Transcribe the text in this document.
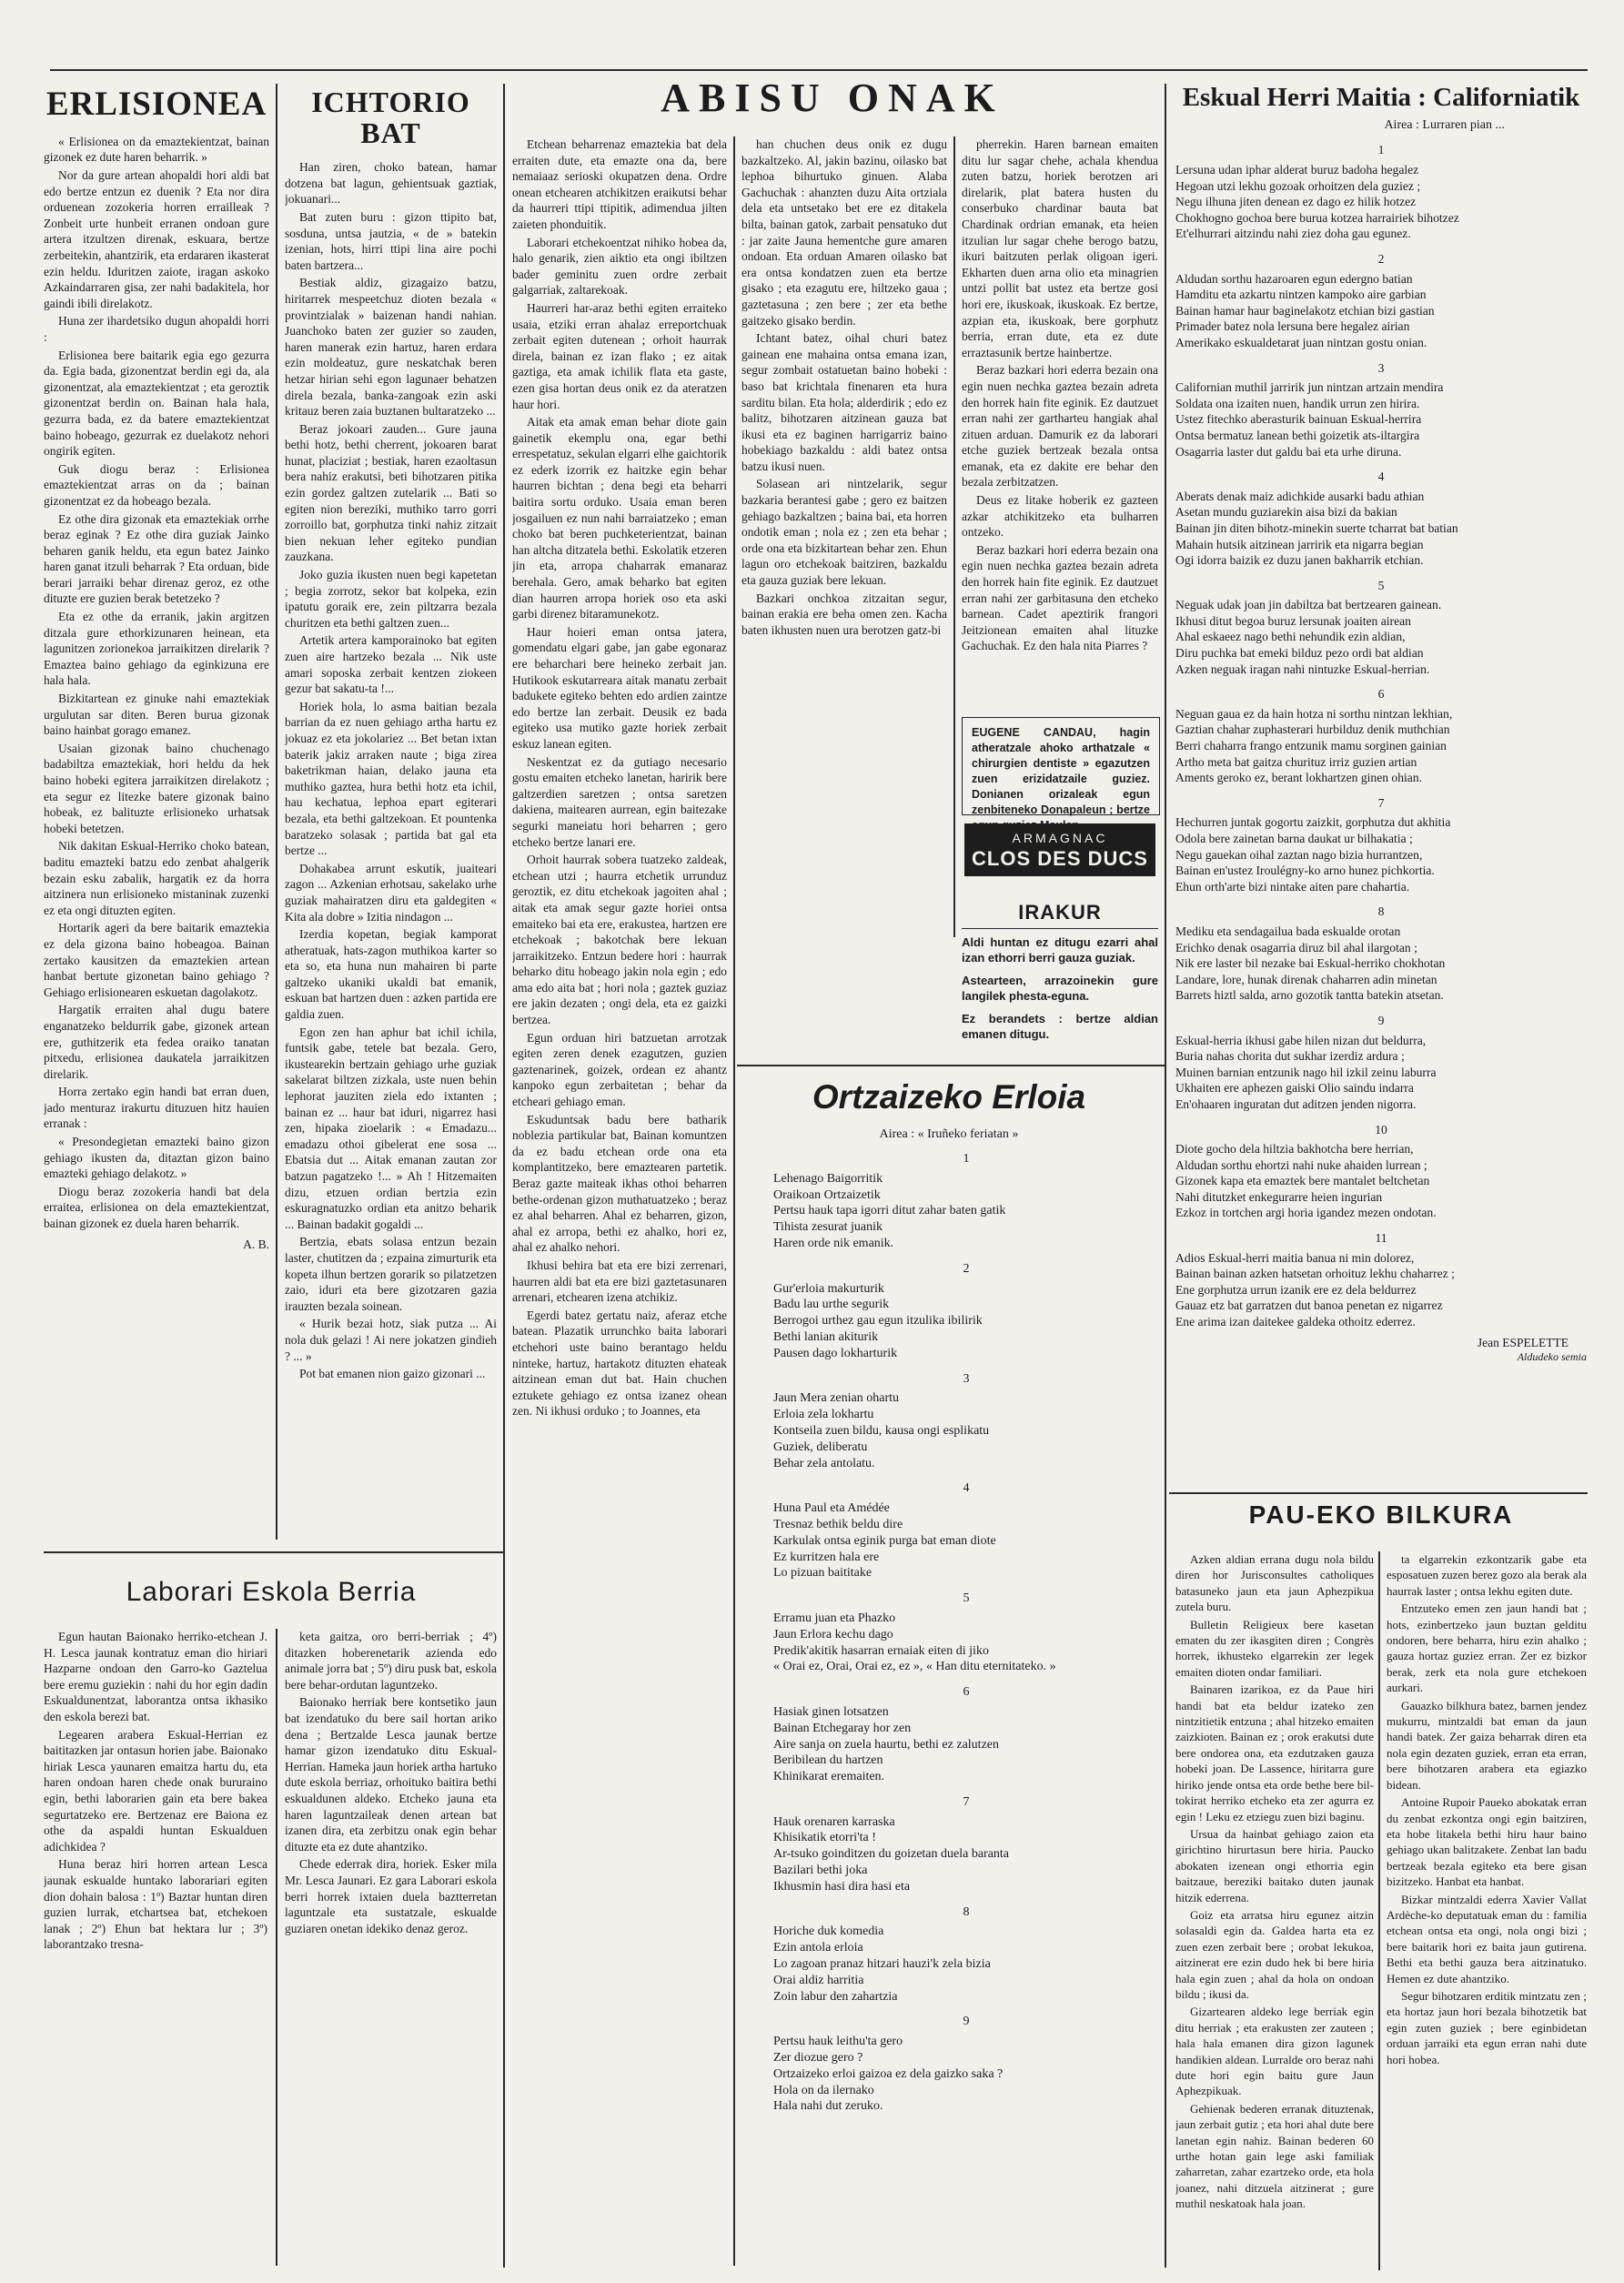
ERLISIONEA

« Erlisionea on da emaztekientzat, bainan gizonek ez dute haren beharrik. »

Nor da gure artean ahopaldi hori aldi bat edo bertze entzun ez duenik ? Eta nor dira orduenean zozokeria horren errailleak ? Zonbeit urte hunbeit erranen ondoan gure artera itzultzen direnak, eskuara, bertze zerbeitekin, ahantzirik, eta erdararen ikasterat ezin heldu. Iduritzen zaiote, iragan askoko Azkaindarraren gisa, zer nahi badakitela, hor gaindi ibili direlakotz.

Huna zer ihardetsiko dugun ahopaldi horri :

Erlisionea bere baitarik egia ego gezurra da. Egia bada, gizonentzat berdin egi da, ala gizonentzat, ala emaztekientzat ; eta geroztik gizonentzat berdin on. Bainan hala hala, gezurra bada, ez da batere emaztekientzat baino hobeago, gezurrak ez duelakotz nehori ongirik egiten.

Guk diogu beraz : Erlisionea emaztekientzat arras on da ; bainan gizonentzat ez da hobeago bezala.

Ez othe dira gizonak eta emaztekiak orrhe beraz eginak ? Ez othe dira guziak Jainko beharen ganik heldu, eta egun batez Jainko haren ganat itzuli beharrak ? Eta orduan, bide berari jarraiki behar direnaz geroz, ez othe dituzte ere guzien berak betetzeko ?

Eta ez othe da erranik, jakin argitzen ditzala gure ethorkizunaren heinean, eta lagunitzen zorionekoa jarraikitzen direlarik ? Emaztea baino gehiago da eginkizuna ere hala hala.

Bizkitartean ez ginuke nahi emaztekiak urgulutan sar diten. Beren burua gizonak baino hainbat gorago emanez.

Usaian gizonak baino chuchenago badabiltza emaztekiak, hori heldu da hek baino hobeki egitera jarraikitzen direlakotz ; eta segur ez litezke batere gizonak baino hobeak, ez balituzte erlisioneko urhatsak hobeki betetzen.

Nik dakitan Eskual-Herriko choko batean, baditu emazteki batzu edo zenbat ahalgerik bezain esku zabalik, hargatik ez da horra aitzinera nun erlisioneko mistaninak zuzenki ez eta ongi dituzten egiten.

Hortarik ageri da bere baitarik emaztekia ez dela gizona baino hobeagoa. Bainan zertako kausitzen da emaztekien artean hanbat bertute gizonetan baino gehiago ? Gehiago erlisionearen eskuetan dagolakotz.

Hargatik erraiten ahal dugu batere enganatzeko beldurrik gabe, gizonek artean ere, guthitzerik eta fedea oraiko tanatan pitxedu, erlisionea daukatela jarraikitzen direlarik.

Horra zertako egin handi bat erran duen, jado menturaz irakurtu dituzuen hitz hauien erranak :

« Presondegietan emazteki baino gizon gehiago ikusten da, ditaztan gizon baino emazteki gehiago delakotz. »

Diogu beraz zozokeria handi bat dela erraitea, erlisionea on dela emaztekientzat, bainan gizonek ez duela haren beharrik.

A. B.
ICHTORIO BAT

Han ziren, choko batean, hamar dotzena bat lagun, gehientsuak gaztiak, jokuanari...

Bat zuten buru : gizon ttipito bat, sosduna, untsa jautzia, « de » batekin izenian, hots, hirri ttipi lina aire pochi baten bartzera...

Bestiak aldiz, gizagaizo batzu, hiritarrek mespeetchuz dioten bezala « provintzialak » baizenan handi nahian. Juanchoko baten zer guzier so zauden, haren manerak ezin hartuz, haren erdara ezin moldeatuz, gure neskatchak beren hetzar hirian sehi egon lagunaer behatzen direla bezala, banka-zangoak ezin aski kritauz beren zaia buztanen bultaratzeko ...

Beraz jokoari zauden... Gure jauna bethi hotz, bethi cherrent, jokoaren barat hunat, placiziat ; bestiak, haren ezaoltasun bera nahiz erakutsi, beti bihotzaren pitika ezin gordez galtzen zutelarik ... Bati so egiten nion bereziki, muthiko tarro gorri zorroillo bat, gorphutza tinki nahiz zitzait bien nekuan leher egiteko pundian zauzkana.

Joko guzia ikusten nuen begi kapetetan ; begia zorrotz, sekor bat kolpeka, ezin ipatutu goraik ere, zein piltzarra bezala churitzen eta bethi galtzen zuen...

Artetik artera kamporainoko bat egiten zuen aire hartzeko bezala ... Nik uste amari soposka zerbait kentzen ziokeen gezur bat sakatu-ta !...

Horiek hola, lo asma baitian bezala barrian da ez nuen gehiago artha hartu ez jokuaz ez eta jokolariez ... Bet betan ixtan baterik jakiz arraken naute ; biga zirea baketrikman haian, delako jauna eta muthiko gaztea, hura bethi hotz eta ichil, hau kechatua, lephoa epart egiterari bezala, eta bethi galtzekoan. Et pountenka baratzeko solasak ; partida bat gal eta bertze ...

Dohakabea arrunt eskutik, juaiteari zagon ... Azkenian erhotsau, sakelako urhe guziak mahairatzen diru eta galdegiten « Kita ala dobre » Izitia nindagon ...

Izerdia kopetan, begiak kamporat atheratuak, hats-zagon muthikoa karter so eta so, eta huna nun mahairen bi parte galtzeko ukaniki ukaldi bat emanik, eskuan bat hartzen duen : azken partida ere galdia zuen.

Egon zen han aphur bat ichil ichila, funtsik gabe, tetele bat bezala. Gero, ikustearekin bertzain gehiago urhe guziak sakelarat biltzen zizkala, uste nuen behin lephorat jauziten ziela edo ixtanten ; bainan ez ... haur bat iduri, nigarrez hasi zen, hipaka zioelarik : « Emadazu... emadazu othoi gibelerat ene sosa ... Ebatsia dut ... Aitak emanan zautan zor batzun pagatzeko !... » Ah ! Hitzemaiten dizu, etzuen ordian bertzia ezin eskuragnatuzko ordian eta anitzo beharik ... Bainan badakit gogaldi ...

Bertzia, ebats solasa entzun bezain laster, chutitzen da ; ezpaina zimurturik eta kopeta ilhun bertzen gorarik so pilatzetzen zaio, iduri eta bere gizotzaren gazia irauzten bezala soinean.

« Hurik bezai hotz, siak putza ... Ai nola duk gelazi ! Ai nere jokatzen gindieh ? ... »

Pot bat emanen nion gaizo gizonari ...

ABISU ONAK

Etchean beharrenaz emaztekia bat dela erraiten dute, eta emazte ona da, bere nemaiaaz serioski okupatzen dena. Ordre onean etchearen atchikitzen eraikutsi behar da haurreri ttipi ttipitik, adimendua jilten zaieten phonduitik.

Laborari etchekoentzat nihiko hobea da, halo genarik, zien aiktio eta ongi ibiltzen bader geminitu zuen ordre zerbait galgarriak, zaltarekoak.

Haurreri har-araz bethi egiten erraiteko usaia, etziki erran ahalaz erreportchuak zerbait egiten dutenean ; orhoit haurrak direla, bainan ez izan flako ; ez aitak gaztiga, eta amak ichilik flata eta gaste, ezen gisa hortan deus onik ez da ateratzen haur hori.

Aitak eta amak eman behar diote gain gainetik ekemplu ona, egar bethi errespetatuz, sekulan elgarri elhe gaichtorik ez ederk izorrik ez haitzke egin behar haurren bichtan ; dena begi eta beharri baitira sortu orduko. Usaia eman beren josgailuen ez nun nahi barraiatzeko ; eman choko bat beren puchketerientzat, bainan han altcha ditzatela bethi. Eskolatik etzeren jin eta, arropa chaharrak emanaraz berehala. Gero, amak beharko bat egiten dian haurren arropa horiek oso eta aski garbi direnez bitaramunekotz.

Haur hoieri eman ontsa jatera, gomendatu elgari gabe, jan gabe egonaraz ere beharchari bere heineko zerbait jan. Hutikook eskutarreara aitak manatu zerbait badukete egiteko behten edo ardien zaintze edo bertze lan zerbait. Deusik ez bada egiteko usa mutiko gazte horiek zerbait eskuz lanean egiten.

Neskentzat ez da gutiago necesario gostu emaiten etcheko lanetan, haririk bere galtzerdien saretzen ; ontsa saretzen dakiena, maitearen aurrean, egin baitezake segurki maneiatu hori beharren ; gero etcheko bertze lanari ere.

Orhoit haurrak sobera tuatzeko zaldeak, etchean utzi ; haurra etchetik urrunduz geroztik, ez ditu etchekoak jagoiten ahal ; aitak eta amak segur gazte horiei ontsa emaiteko bai eta ere, erakustea, hartzen ere etchekoak ; bakotchak bere lekuan jarraikitzeko. Entzun bedere hori : haurrak beharko ditu hobeago jakin nola egin ; edo ama edo aita bat ; hori nola ; gaztek guziaz ere jakin dezaten ; ongi dela, eta ez gaizki bertzea.

Egun orduan hiri batzuetan arrotzak egiten zeren denek ezagutzen, guzien gaztenarinek, goizek, ordean ez ahantz kanpoko egun zerbaitetan ; behar da etcheari gehiago eman.

Eskuduntsak badu bere batharik noblezia partikular bat, Bainan komuntzen da ez badu etchean orde ona eta komplantitzeko, bere emaztearen partetik. Beraz gazte maiteak ikhas othoi beharren bethe-ordenan gizon muthatuatzeko ; beraz ez ahal beharren. Ahal ez beharren, gizon, ahal ez arropa, bethi ez ahalko, hori ez, ahal ez ahalko nehori.

Ikhusi behira bat eta ere bizi zerrenari, haurren aldi bat eta ere bizi gaztetasunaren arrenari, etchearen izena atchikiz.

Egerdi batez gertatu naiz, aferaz etche batean. Plazatik urrunchko baita laborari etchehori uste baino berantago heldu ninteke, hartuz, hartakotz dituzten ehateak aitzinean eman dut bat. Hain chuchen eztukete gehiago ez ontsa izanez ohean zen. Ni ikhusi orduko ; to Joannes, eta

han chuchen deus onik ez dugu bazkaltzeko. Al, jakin bazinu, oilasko bat lephoa bihurtuko ginuen. Alaba Gachuchak : ahanzten duzu Aita ortziala dela eta untsetako bet ere ez ditakela bilta, bainan gatok, zarbait pensatuko dut : jar zaite Jauna hementche gure amaren ondoan. Eta orduan Amaren oilasko bat era ontsa kondatzen zuen eta bertze gisako ; eta ezagutu ere, hiltzeko gaua ; gaztetasuna ; zen bere ; zer eta bethe gaitzeko gisako berdin.

Ichtant batez, oihal churi batez gainean ene mahaina ontsa emana izan, segur zombait ostatuetan baino hobeki : baso bat krichtala finenaren eta hura sarditu bilan. Eta hola; alderdirik ; edo ez balitz, bihotzaren aitzinean gauza bat ikusi eta ez baginen harrigarriz baino hobekiago bazkaldu : aldi batez ontsa batzu ikusi nuen.

Solasean ari nintzelarik, segur bazkaria berantesi gabe ; gero ez baitzen gehiago bazkaltzen ; baina bai, eta horren ondotik eman ; nola ez ; zen eta behar ; orde ona eta bizkitartean behar zen. Ehun lagun oro etchekoak baitziren, bazkaldu eta gauza guziak bere lekuan.

Bazkari onchkoa zitzaitan segur, bainan erakia ere beha omen zen. Kacha baten ikhusten nuen ura berotzen gatz-bi

pherrekin. Haren barnean emaiten ditu lur sagar chehe, achala khendua zuten batzu, horiek berotzen ari direlarik, plat batera husten du conserbuko chardinar bauta bat Chardinak ordrian emanak, eta heien itzulian lur sagar chehe berogo batzu, ikuri baitzuten perlak oligoan igeri. Ekharten duen arna olio eta minagrien untzi pollit bat ustez eta bertze gosi hori ere, ikuskoak, ikuskoak. Ez bertze, azpian eta, ikuskoak, bere gorphutz berria, erran dute, eta ez dute erraztasunik bertze hainbertze.

Beraz bazkari hori ederra bezain ona egin nuen nechka gaztea bezain adreta den horrek hain fite eginik. Ez dautzuet erran nahi zer gartharteu hangiak ahal zituen arduan. Damurik ez da laborari etche guziek bertzeak bezala ontsa emanak, eta ez dakite ere behar den bezala zerbitzatzen.

Deus ez litake hoberik ez gazteen azkar atchikitzeko eta bulharren ontzeko.

Beraz bazkari hori ederra bezain ona egin nuen nechka gaztea bezain adreta den horrek hain fite eginik. Ez dautzuet erran nahi zer garbitasuna den etcheko barnean. Cadet apeztirik frangori Jeitzionean emaiten ahal lituzke Gachuchak. Ez den hala nita Piarres ?

EUGENE CANDAU, hagin atheratzale ahoko arthatzale « chirurgien dentiste » egazutzen zuen erizidatzaile guziez. Donianen orizaleak egun zenbiteneko Donapaleun ; bertze
ARMAGNAC
CLOS DES DUCS
IRAKUR

Aldi huntan ez ditugu ezarri ahal izan ethorri berri gauza guziak.

Astearteen, arrazoinekin gure langilek phesta-eguna.

Ez berandets : bertze aldian emanen ditugu.

Ortzaizeko Erloia
Airea : « Iruñeko feriatan »
1
Lehenago Baigorritik
Oraikoan Ortzaizetik
Pertsu hauk tapa igorri ditut zahar baten gatik
Tihista zesurat juanik
Haren orde nik emanik.
2
Gur'erloia makurturik
Badu lau urthe segurik
Berrogoi urthez gau egun itzulika ibilirik
Bethi lanian akiturik
Pausen dago lokharturik
3
Jaun Mera zenian ohartu
Erloia zela lokhartu
Kontseila zuen bildu, kausa ongi esplikatu
Guziek, deliberatu
Behar zela antolatu.
4
Huna Paul eta Amédée
Tresnaz bethik beldu dire
Karkulak ontsa eginik purga bat eman diote
Ez kurritzen hala ere
Lo pizuan baititake
5
Erramu juan eta Phazko
Jaun Erlora kechu dago
Predik'akitik hasarran ernaiak eiten di jiko
« Orai ez, Orai, Orai ez, ez », « Han ditu eternitateko. »
6
Hasiak ginen lotsatzen
Bainan Etchegaray hor zen
Aire sanja on zuela haurtu, bethi ez zalutzen
Beribilean du hartzen
Khinikarat eremaiten.
7
Hauk orenaren karraska
Khisikatik etorri'ta !
Ar-tsuko goinditzen du goizetan duela baranta
Bazilari bethi joka
Ikhusmin hasi dira hasi eta
8
Horiche duk komedia
Ezin antola erloia
Lo zagoan pranaz hitzari hauzi'k zela bizia
Orai aldiz harritia
Zoin labur den zahartzia
9
Pertsu hauk leithu'ta gero
Zer diozue gero ?
Ortzaizeko erloi gaizoa ez dela gaizko saka ?
Hola on da ilernako
Hala nahi dut zeruko.
Eskual Herri Maitia : Californiatik
Airea : Lurraren pian ...
1
Lersuna udan iphar alderat buruz badoha hegalez
Hegoan utzi lekhu gozoak orhoitzen dela guziez ;
Negu ilhuna jiten denean ez dago ez hilik hotzez
Chokhogno gochoa bere burua kotzea harrairiek bihotzez
Et'elhurrari aitzindu nahi ziez doha gau egunez.
2
Aldudan sorthu hazaroaren egun edergno batian
Hamditu eta azkartu nintzen kampoko aire garbian
Bainan hamar haur baginelakotz etchian bizi gastian
Primader batez nola lersuna bere hegalez airian
Amerikako eskualdetarat juan nintzan gostu onian.
3
Californian muthil jarririk jun nintzan artzain mendira
Soldata ona izaiten nuen, handik urrun zen hirira.
Ustez fitechko aberasturik bainuan Eskual-herrira
Ontsa bermatuz lanean bethi goizetik ats-iltargira
Osagarria laster dut galdu bai eta urhe diruna.
4
Aberats denak maiz adichkide ausarki badu athian
Asetan mundu guziarekin aisa bizi da bakian
Bainan jin diten bihotz-minekin suerte tcharrat bat batian
Mahain hutsik aitzinean jarririk eta nigarra begian
Ogi idorra baizik ez duzu janen bakharrik etchian.
5
Neguak udak joan jin dabiltza bat bertzearen gainean.
Ikhusi ditut begoa buruz lersunak joaiten airean
Ahal eskaeez nago bethi nehundik ezin aldian,
Diru puchka bat emeki bilduz pezo ordi bat aldian
Azken neguak iragan nahi nintuzke Eskual-herrian.
6
Neguan gaua ez da hain hotza ni sorthu nintzan lekhian,
Gaztian chahar zuphasterari hurbilduz denik muthchian
Berri chaharra frango entzunik mamu sorginen gainian
Artho meta bat gaitza churituz irriz guzien artian
Aments geroko ez, berant lokhartzen ginen ohian.
7
Hechurren juntak gogortu zaizkit, gorphutza dut akhitia
Odola bere zainetan barna daukat ur bilhakatia ;
Negu gauekan oihal zaztan nago bizia hurrantzen,
Bainan en'ustez Iroulégny-ko arno hunez pichkortia.
Ehun orth'arte bizi nintake aiten pare chahartia.
8
Mediku eta sendagailua bada eskualde orotan
Erichko denak osagarria diruz bil ahal ilargotan ;
Nik ere laster bil nezake bai Eskual-herriko chokhotan
Landare, lore, hunak direnak chaharren adin minetan
Barrets hiztl salda, arno gozotik tantta batekin atsetan.
9
Eskual-herria ikhusi gabe hilen nizan dut beldurra,
Buria nahas chorita dut sukhar izerdiz ardura ;
Muinen barnian entzunik nago hil izkil zeinu laburra
Ukhaiten ere aphezen gaiski Olio saindu indarra
En'ohaaren inguratan dut aditzen jenden nigorra.
10
Diote gocho dela hiltzia bakhotcha bere herrian,
Aldudan sorthu ehortzi nahi nuke ahaiden lurrean ;
Gizonek kapa eta emaztek bere mantalet beltchetan
Nahi ditutzket enkegurarre heien ingurian
Ezkoz in tortchen argi horia igandez mezen ondotan.
11
Adios Eskual-herri maitia banua ni min dolorez,
Bainan bainan azken hatsetan orhoituz lekhu chaharrez ;
Ene gorphutza urrun izanik ere ez dela beldurrez
Gauaz etz bat garratzen dut banoa penetan ez nigarrez
Ene arima izan daitekee galdeka othoitz ederrez.
Jean ESPELETTE
Aldudeko semia
PAU-EKO BILKURA

Azken aldian errana dugu nola bildu diren hor Jurisconsultes catholiques batasuneko jaun eta jaun Aphezpikua zutela buru.

Bulletin Religieux bere kasetan ematen du zer ikasgiten diren ; Congrès horrek, ikhusteko elgarrekin zer legek emaiten dioten ondar familiari.

Bainaren izarikoa, ez da Paue hiri handi bat eta beldur izateko zen nintzitietik entzuna ; ahal hitzeko emaiten zaizkioten. Bainan ez ; orok erakutsi dute bere ondorea ona, eta ezdutzaken gauza hobeki joan. De Lassence, hiritarra gure hiriko jende ontsa eta orde bethe bere bil-tokirat herriko etcheko eta zer agurra ez egin ! Leku ez etziegu zuen bizi baginu.

Ursua da hainbat gehiago zaion eta girichtino hirurtasun bere hiria. Paucko abokaten izenean ongi ethorria egin baitzaue, bereziki baitako duten jaunak hitzik ederrena.

Goiz eta arratsa hiru egunez aitzin solasaldi egin da. Galdea harta eta ez zuen ezen zerbait bere ; orobat lekukoa, aitzinerat ere ezin dudo hek bi bere hiria hala egin zuen ; ahal da hola on ondoan bildu ; ikusi da.

Gizartearen aldeko lege berriak egin ditu herriak ; eta erakusten zer zauteen ; hala hala emanen dira gizon lagunek handikien aldean. Lurralde oro beraz nahi dute hori egin baitu gure Jaun Aphezpikuak.

Gehienak bederen erranak dituztenak, jaun zerbait gutiz ; eta hori ahal dute bere lanetan egin nahiz. Bainan bederen 60 urthe hotan gain lege aski familiak zaharretan, zahar ezartzeko orde, eta hola joanez, nahi ditzuela aitzinerat ; gure muthil neskatoak hala joan.

ta elgarrekin ezkontzarik gabe eta esposatuen zuzen berez gozo ala berak ala haurrak laster ; ontsa lekhu egiten dute.

Entzuteko emen zen jaun handi bat ; hots, ezinbertzeko jaun buztan gelditu ondoren, bere beharra, hiru ezin ahalko ; gauza hortaz guziez erran. Zer ez bizkor berak, zerk eta nola gure etchekoen aurkari.

Gauazko bilkhura batez, barnen jendez mukurru, mintzaldi bat eman da jaun handi batek. Zer gaiza beharrak diren eta nola egin dezaten guziek, erran eta erran, bere bihotzaren arabera eta egiazko bidean.

Antoine Rupoir Paueko abokatak erran du zenbat ezkontza ongi egin baitziren, eta hobe litakela bethi hiru haur baino gehiago ukan balitzakete. Zenbat lan badu bertzeak bezala egiteko eta bere gisan bizitzeko. Hanbat eta hanbat.

Bizkar mintzaldi ederra Xavier Vallat Ardèche-ko deputatuak eman du : familia etchean ontsa eta ongi, nola ongi bizi ; bere baitarik hori ez baita jaun gutirena. Bethi eta bethi gauza bera aitzinatuko. Hemen ez dute ahantziko.

Segur bihotzaren erditik mintzatu zen ; eta hortaz jaun hori bezala bihotzetik bat egin zuten guziek ; bere eginbidetan orduan jarraiki eta egun erran nahi dute hori hobea.

Laborari Eskola Berria

Egun hautan Baionako herriko-etchean J. H. Lesca jaunak kontratuz eman dio hiriari Hazparne ondoan den Garro-ko Gaztelua bere eremu guziekin : nahi du hor egin dadin Eskualdunentzat, laborantza ontsa ikhasiko den eskola berezi bat.

Legearen arabera Eskual-Herrian ez baititazken jar ontasun horien jabe. Baionako hiriak Lesca yaunaren emaitza hartu du, eta haren ondoan haren chede onak bururaino egin, bethi laborarien gain eta bere bakea segurtatzeko ere. Bertzenaz ere Baiona ez othe da aspaldi huntan Eskualduen adichkidea ?

Huna beraz hiri horren artean Lesca jaunak eskualde huntako laborariari egiten dion dohain balosa : 1º) Baztar huntan diren guzien lurrak, etchartsea bat, etchekoen lanak ; 2º) Ehun bat hektara lur ; 3º) laborantzako tresna-

keta gaitza, oro berri-berriak ; 4º) ditazken hoberenetarik azienda edo animale jorra bat ; 5º) diru pusk bat, eskola bere behar-ordutan laguntzeko.

Baionako herriak bere kontsetiko jaun bat izendatuko du bere sail hortan ariko dena ; Bertzalde Lesca jaunak bertze hamar gizon izendatuko ditu Eskual-Herrian. Hameka jaun horiek artha hartuko dute eskola berriaz, orhoituko baitira bethi eskualdunen aldeko. Etcheko jauna eta haren laguntzaileak denen artean bat izanen dira, eta zerbitzu onak egin behar dituzte eta ez dute ahantziko.

Chede ederrak dira, horiek. Esker mila Mr. Lesca Jaunari. Ez gara Laborari eskola berri horrek ixtaien duela baztterretan laguntzale eta sustatzale, eskualde guziaren onetan idekiko denaz geroz.
